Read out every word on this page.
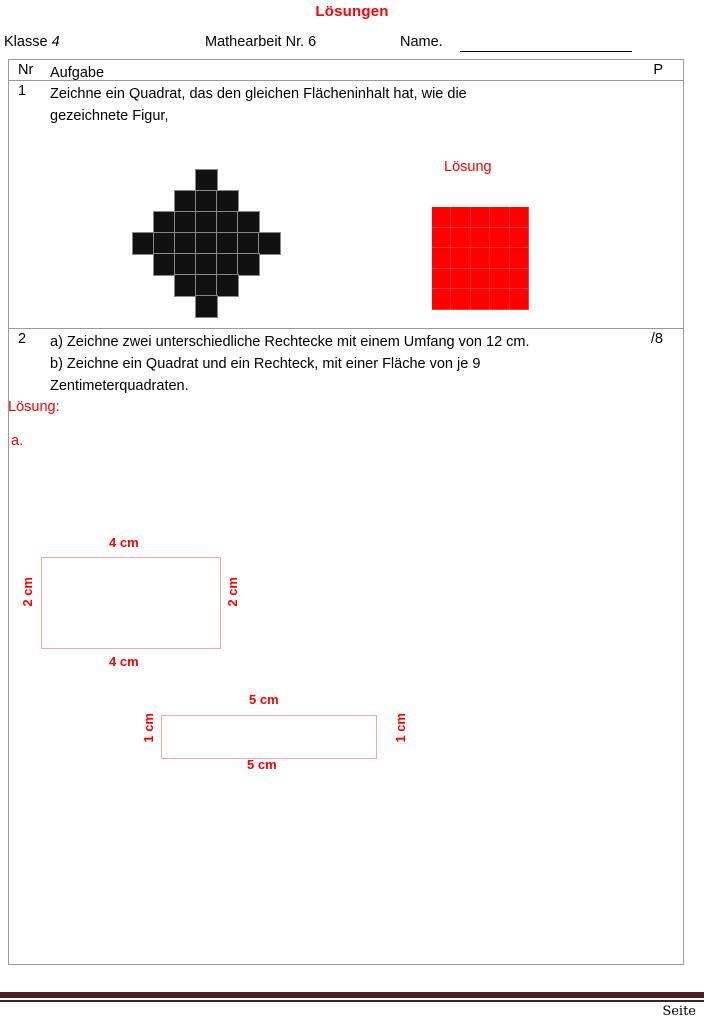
Lösungen
Klasse 4	Mathearbeit Nr. 6	Name.
Nr Aufgabe	P
1 Zeichne ein Quadrat, das den gleichen Flächeninhalt hat, wie die
gezeichnete Figur,
Lösung
2 a) Zeichne zwei unterschiedliche Rechtecke mit einem Umfang von 12 cm.
b) Zeichne ein Quadrat und ein Rechteck, mit einer Fläche von je 9
Zentimeterquadraten.
/8
Lösung:
a.
4 cm
4 cm
2 cm	2 cm
5 cm
5 cm
1 cm	1 cm
Seite
